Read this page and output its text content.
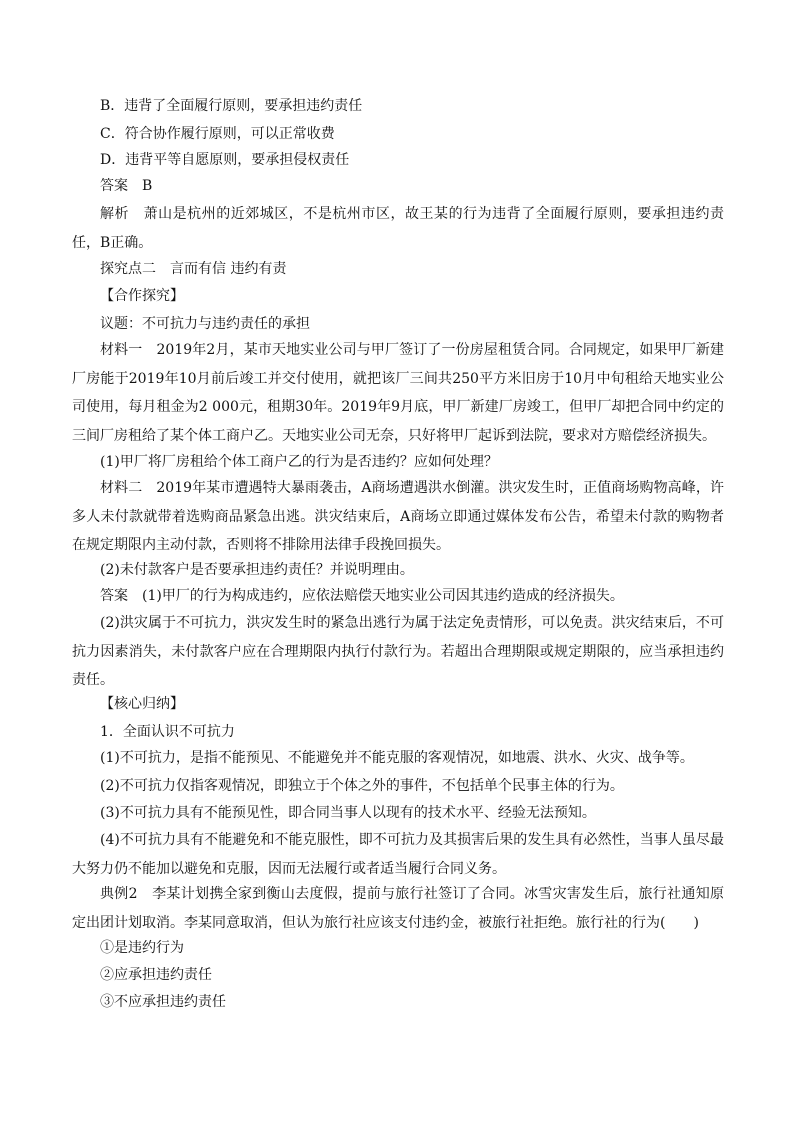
B．违背了全面履行原则，要承担违约责任

C．符合协作履行原则，可以正常收费

D．违背平等自愿原则，要承担侵权责任

答案　B

解析　萧山是杭州的近郊城区，不是杭州市区，故王某的行为违背了全面履行原则，要承担违约责任，B正确。

探究点二　言而有信 违约有责

【合作探究】

议题：不可抗力与违约责任的承担

材料一　2019年2月，某市天地实业公司与甲厂签订了一份房屋租赁合同。合同规定，如果甲厂新建厂房能于2019年10月前后竣工并交付使用，就把该厂三间共250平方米旧房于10月中旬租给天地实业公司使用，每月租金为2 000元，租期30年。2019年9月底，甲厂新建厂房竣工，但甲厂却把合同中约定的三间厂房租给了某个体工商户乙。天地实业公司无奈，只好将甲厂起诉到法院，要求对方赔偿经济损失。

(1)甲厂将厂房租给个体工商户乙的行为是否违约？应如何处理？

材料二　2019年某市遭遇特大暴雨袭击，A商场遭遇洪水倒灌。洪灾发生时，正值商场购物高峰，许多人未付款就带着选购商品紧急出逃。洪灾结束后，A商场立即通过媒体发布公告，希望未付款的购物者在规定期限内主动付款，否则将不排除用法律手段挽回损失。

(2)未付款客户是否要承担违约责任？并说明理由。

答案　(1)甲厂的行为构成违约，应依法赔偿天地实业公司因其违约造成的经济损失。

(2)洪灾属于不可抗力，洪灾发生时的紧急出逃行为属于法定免责情形，可以免责。洪灾结束后，不可抗力因素消失，未付款客户应在合理期限内执行付款行为。若超出合理期限或规定期限的，应当承担违约责任。

【核心归纳】

1．全面认识不可抗力

(1)不可抗力，是指不能预见、不能避免并不能克服的客观情况，如地震、洪水、火灾、战争等。

(2)不可抗力仅指客观情况，即独立于个体之外的事件，不包括单个民事主体的行为。

(3)不可抗力具有不能预见性，即合同当事人以现有的技术水平、经验无法预知。

(4)不可抗力具有不能避免和不能克服性，即不可抗力及其损害后果的发生具有必然性，当事人虽尽最大努力仍不能加以避免和克服，因而无法履行或者适当履行合同义务。

典例2　李某计划携全家到衡山去度假，提前与旅行社签订了合同。冰雪灾害发生后，旅行社通知原定出团计划取消。李某同意取消，但认为旅行社应该支付违约金，被旅行社拒绝。旅行社的行为(　　)

①是违约行为

②应承担违约责任

③不应承担违约责任
